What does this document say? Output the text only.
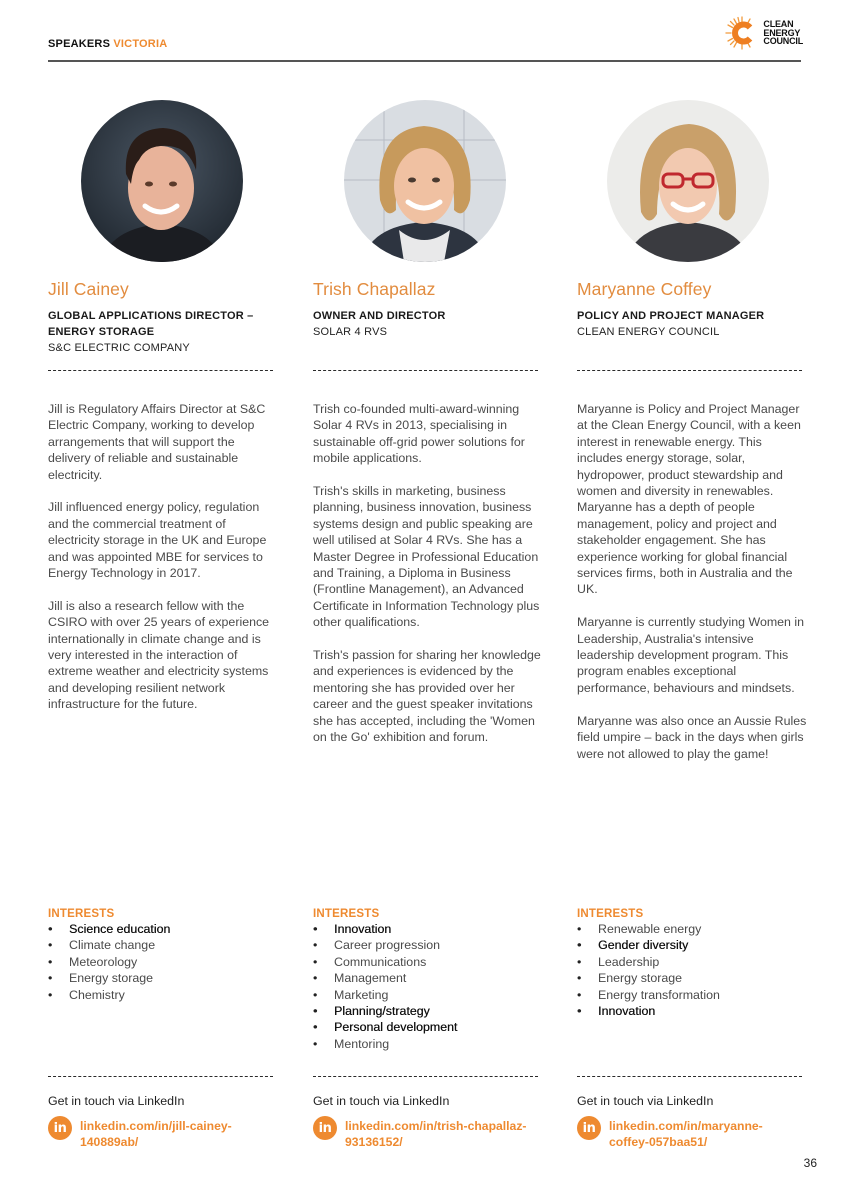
SPEAKERS VICTORIA
CLEAN
ENERGY
COUNCIL
Jill Cainey
GLOBAL APPLICATIONS DIRECTOR – ENERGY STORAGE
S&C ELECTRIC COMPANY

Jill is Regulatory Affairs Director at S&C Electric Company, working to develop arrangements that will support the delivery of reliable and sustainable electricity.

Jill influenced energy policy, regulation and the commercial treatment of electricity storage in the UK and Europe and was appointed MBE for services to Energy Technology in 2017.

Jill is also a research fellow with the CSIRO with over 25 years of experience internationally in climate change and is very interested in the interaction of extreme weather and electricity systems and developing resilient network infrastructure for the future.

INTERESTS
• Science education
• Climate change
• Meteorology
• Energy storage
• Chemistry
Get in touch via LinkedIn
in	linkedin.com/in/jill-cainey-140889ab/
Trish Chapallaz
OWNER AND DIRECTOR
SOLAR 4 RVS

Trish co-founded multi-award-winning Solar 4 RVs in 2013, specialising in sustainable off-grid power solutions for mobile applications.

Trish's skills in marketing, business planning, business innovation, business systems design and public speaking are well utilised at Solar 4 RVs. She has a Master Degree in Professional Education and Training, a Diploma in Business (Frontline Management), an Advanced Certificate in Information Technology plus other qualifications.

Trish's passion for sharing her knowledge and experiences is evidenced by the mentoring she has provided over her career and the guest speaker invitations she has accepted, including the 'Women on the Go' exhibition and forum.

INTERESTS
• Innovation
• Career progression
• Communications
• Management
• Marketing
• Planning/strategy
• Personal development
• Mentoring
Get in touch via LinkedIn
in	linkedin.com/in/trish-chapallaz-93136152/
Maryanne Coffey
POLICY AND PROJECT MANAGER
CLEAN ENERGY COUNCIL

Maryanne is Policy and Project Manager at the Clean Energy Council, with a keen interest in renewable energy. This includes energy storage, solar, hydropower, product stewardship and women and diversity in renewables. Maryanne has a depth of people management, policy and project and stakeholder engagement. She has experience working for global financial services firms, both in Australia and the UK.

Maryanne is currently studying Women in Leadership, Australia's intensive leadership development program. This program enables exceptional performance, behaviours and mindsets.

Maryanne was also once an Aussie Rules field umpire – back in the days when girls were not allowed to play the game!

INTERESTS
• Renewable energy
• Gender diversity
• Leadership
• Energy storage
• Energy transformation
• Innovation
Get in touch via LinkedIn
in	linkedin.com/in/maryanne-coffey-057baa51/
36
